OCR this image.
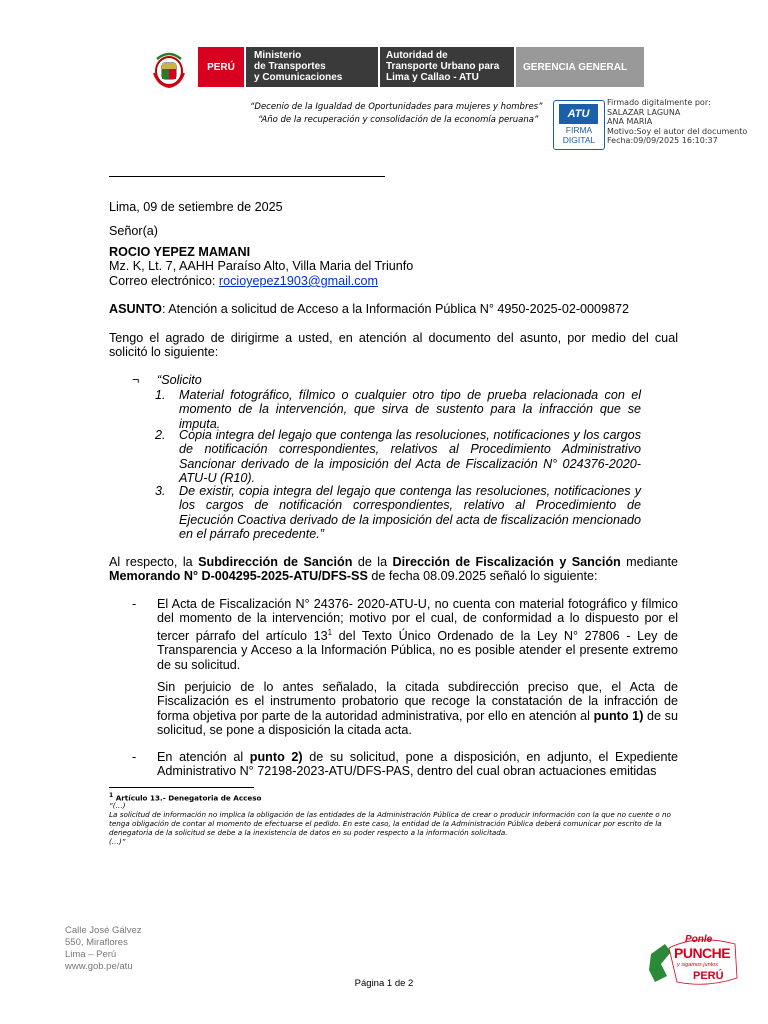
PERÚ
Ministerio
de Transportes
y Comunicaciones
Autoridad de
Transporte Urbano para
Lima y Callao - ATU
GERENCIA GENERAL
“Decenio de la Igualdad de Oportunidades para mujeres y hombres”
“Año de la recuperación y consolidación de la economía peruana”	ATU
FIRMA
DIGITAL
Firmado digitalmente por:
SALAZAR LAGUNA
ANA MARIA
Motivo:Soy el autor del documento
Fecha:09/09/2025 16:10:37
Lima, 09 de setiembre de 2025
Señor(a)
ROCIO YEPEZ MAMANI
Mz. K, Lt. 7, AAHH Paraíso Alto, Villa Maria del Triunfo
Correo electrónico: rocioyepez1903@gmail.com
ASUNTO: Atención a solicitud de Acceso a la Información Pública N° 4950-2025-02-0009872
Tengo el agrado de dirigirme a usted, en atención al documento del asunto, por medio del cual solicitó lo siguiente:
¬ “Solicito
1.	Material fotográfico, fílmico o cualquier otro tipo de prueba relacionada con el momento de la intervención, que sirva de sustento para la infracción que se imputa.
2.	Copia integra del legajo que contenga las resoluciones, notificaciones y los cargos de notificación correspondientes, relativos al Procedimiento Administrativo Sancionar derivado de la imposición del Acta de Fiscalización N° 024376-2020-ATU-U (R10).
3.	De existir, copia integra del legajo que contenga las resoluciones, notificaciones y los cargos de notificación correspondientes, relativo al Procedimiento de Ejecución Coactiva derivado de la imposición del acta de fiscalización mencionado en el párrafo precedente.”
Al respecto, la Subdirección de Sanción de la Dirección de Fiscalización y Sanción mediante Memorando N° D-004295-2025-ATU/DFS-SS de fecha 08.09.2025 señaló lo siguiente:
- El Acta de Fiscalización N° 24376- 2020-ATU-U, no cuenta con material fotográfico y fílmico del momento de la intervención; motivo por el cual, de conformidad a lo dispuesto por el tercer párrafo del artículo $13^1$ del Texto Único Ordenado de la Ley N° 27806 - Ley de Transparencia y Acceso a la Información Pública, no es posible atender el presente extremo de su solicitud.
Sin perjuicio de lo antes señalado, la citada subdirección preciso que, el Acta de Fiscalización es el instrumento probatorio que recoge la constatación de la infracción de forma objetiva por parte de la autoridad administrativa, por ello en atención al punto 1) de su solicitud, se pone a disposición la citada acta.
- En atención al punto 2) de su solicitud, pone a disposición, en adjunto, el Expediente Administrativo N° 72198-2023-ATU/DFS-PAS, dentro del cual obran actuaciones emitidas
$^1$ Artículo 13.- Denegatoria de Acceso
“(…)
La solicitud de información no implica la obligación de las entidades de la Administración Pública de crear o producir información con la que no cuente o no tenga obligación de contar al momento de efectuarse el pedido. En este caso, la entidad de la Administración Pública deberá comunicar por escrito de la denegatoria de la solicitud se debe a la inexistencia de datos en su poder respecto a la información solicitada.
(…)”
Calle José Gálvez
550, Miraflores
Lima – Perú
www.gob.pe/atu
Página 1 de 2
Ponle
PUNCHE
y sigamos juntos
PERÚ
